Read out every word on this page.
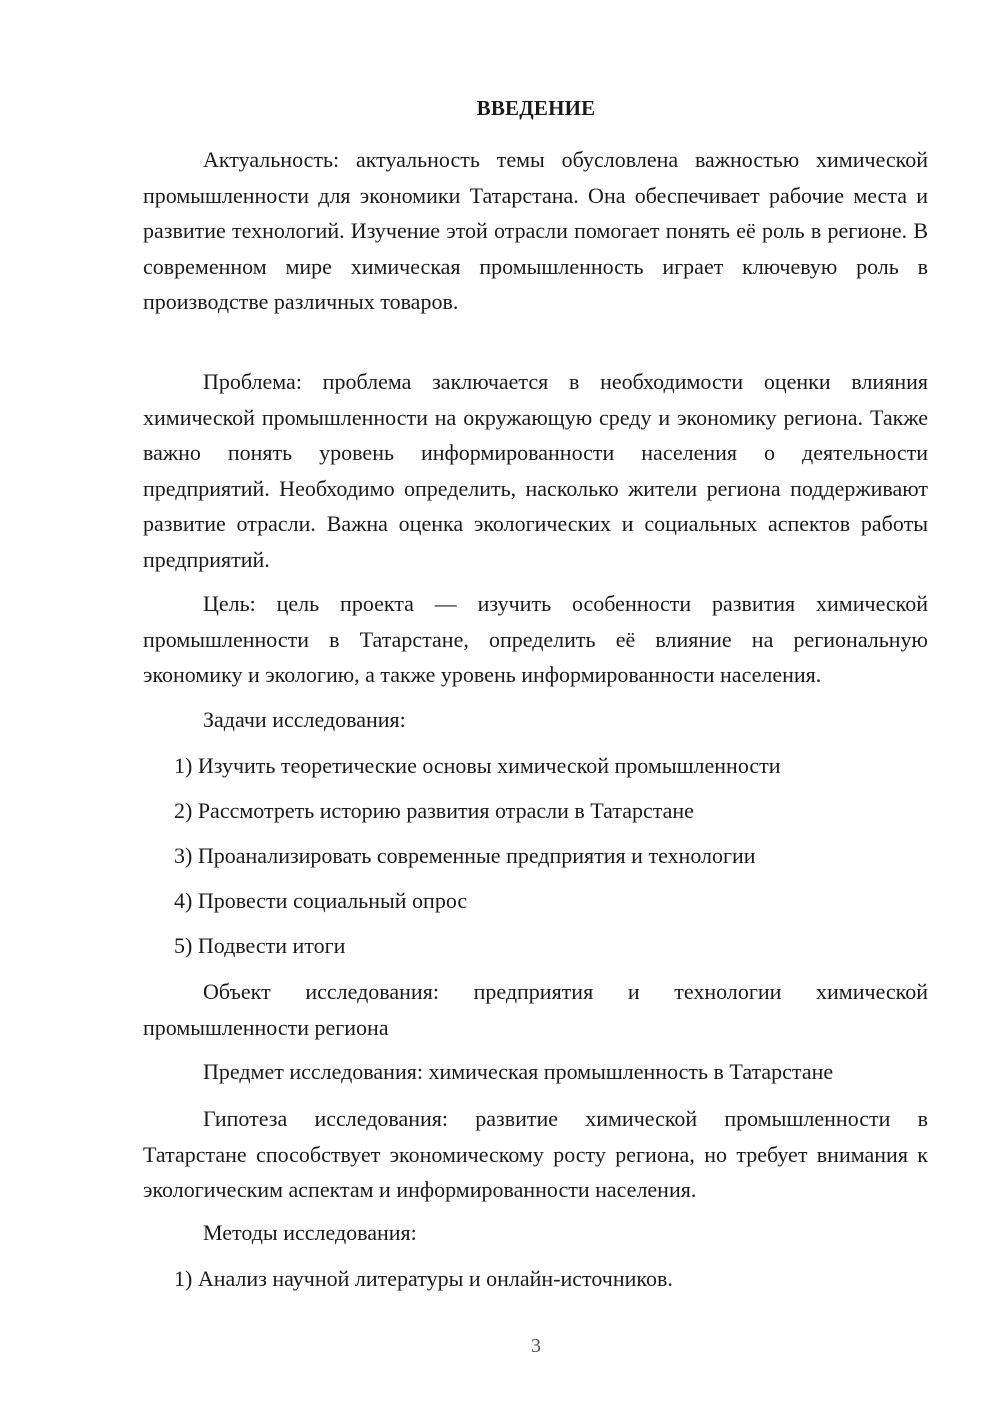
ВВЕДЕНИЕ

Актуальность: актуальность темы обусловлена важностью химической промышленности для экономики Татарстана. Она обеспечивает рабочие места и развитие технологий. Изучение этой отрасли помогает понять её роль в регионе. В современном мире химическая промышленность играет ключевую роль в производстве различных товаров.

Проблема: проблема заключается в необходимости оценки влияния химической промышленности на окружающую среду и экономику региона. Также важно понять уровень информированности населения о деятельности предприятий. Необходимо определить, насколько жители региона поддерживают развитие отрасли. Важна оценка экологических и социальных аспектов работы предприятий.

Цель: цель проекта — изучить особенности развития химической промышленности в Татарстане, определить её влияние на региональную экономику и экологию, а также уровень информированности населения.

Задачи исследования:

1) Изучить теоретические основы химической промышленности

2) Рассмотреть историю развития отрасли в Татарстане

3) Проанализировать современные предприятия и технологии

4) Провести социальный опрос

5) Подвести итоги

Объект исследования: предприятия и технологии химической промышленности региона

Предмет исследования: химическая промышленность в Татарстане

Гипотеза исследования: развитие химической промышленности в Татарстане способствует экономическому росту региона, но требует внимания к экологическим аспектам и информированности населения.

Методы исследования:

1) Анализ научной литературы и онлайн-источников.

3
